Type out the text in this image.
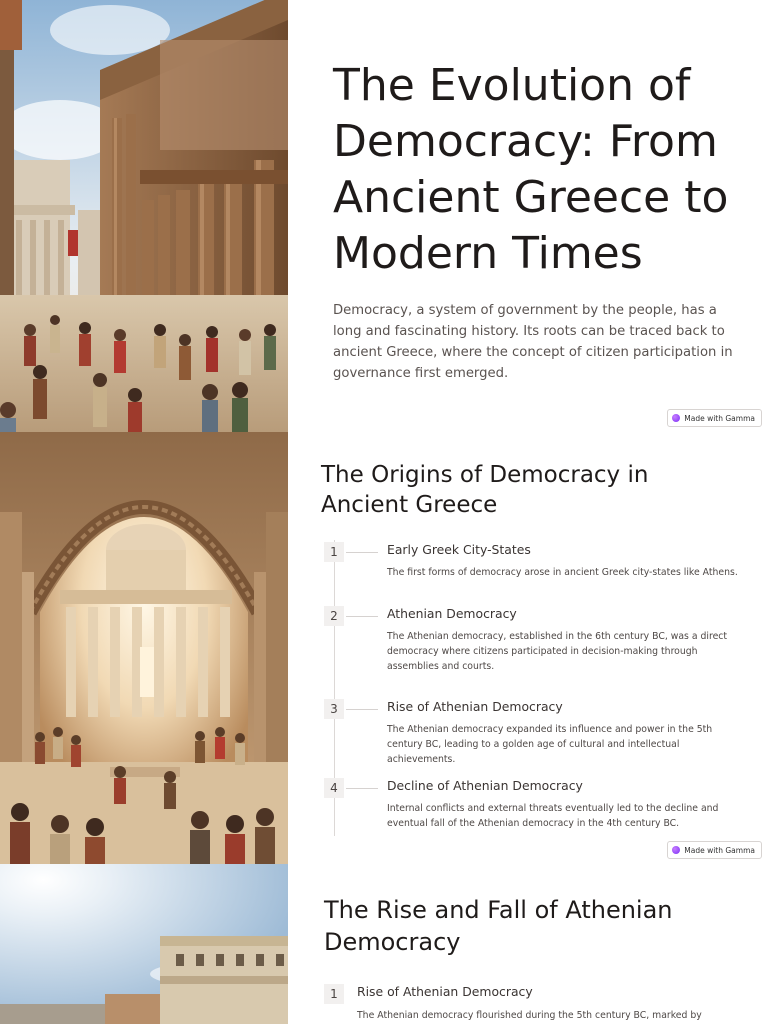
The Evolution of Democracy: From Ancient Greece to Modern Times

Democracy, a system of government by the people, has a long and fascinating history. Its roots can be traced back to ancient Greece, where the concept of citizen participation in governance first emerged.

Made with Gamma
The Origins of Democracy in Ancient Greece
1	Early Greek City-States

The first forms of democracy arose in ancient Greek city-states like Athens.

2	Athenian Democracy

The Athenian democracy, established in the 6th century BC, was a direct democracy where citizens participated in decision-making through assemblies and courts.

3	Rise of Athenian Democracy

The Athenian democracy expanded its influence and power in the 5th century BC, leading to a golden age of cultural and intellectual achievements.

4	Decline of Athenian Democracy

Internal conflicts and external threats eventually led to the decline and eventual fall of the Athenian democracy in the 4th century BC.

Made with Gamma
The Rise and Fall of Athenian Democracy
1	Rise of Athenian Democracy

The Athenian democracy flourished during the 5th century BC, marked by
